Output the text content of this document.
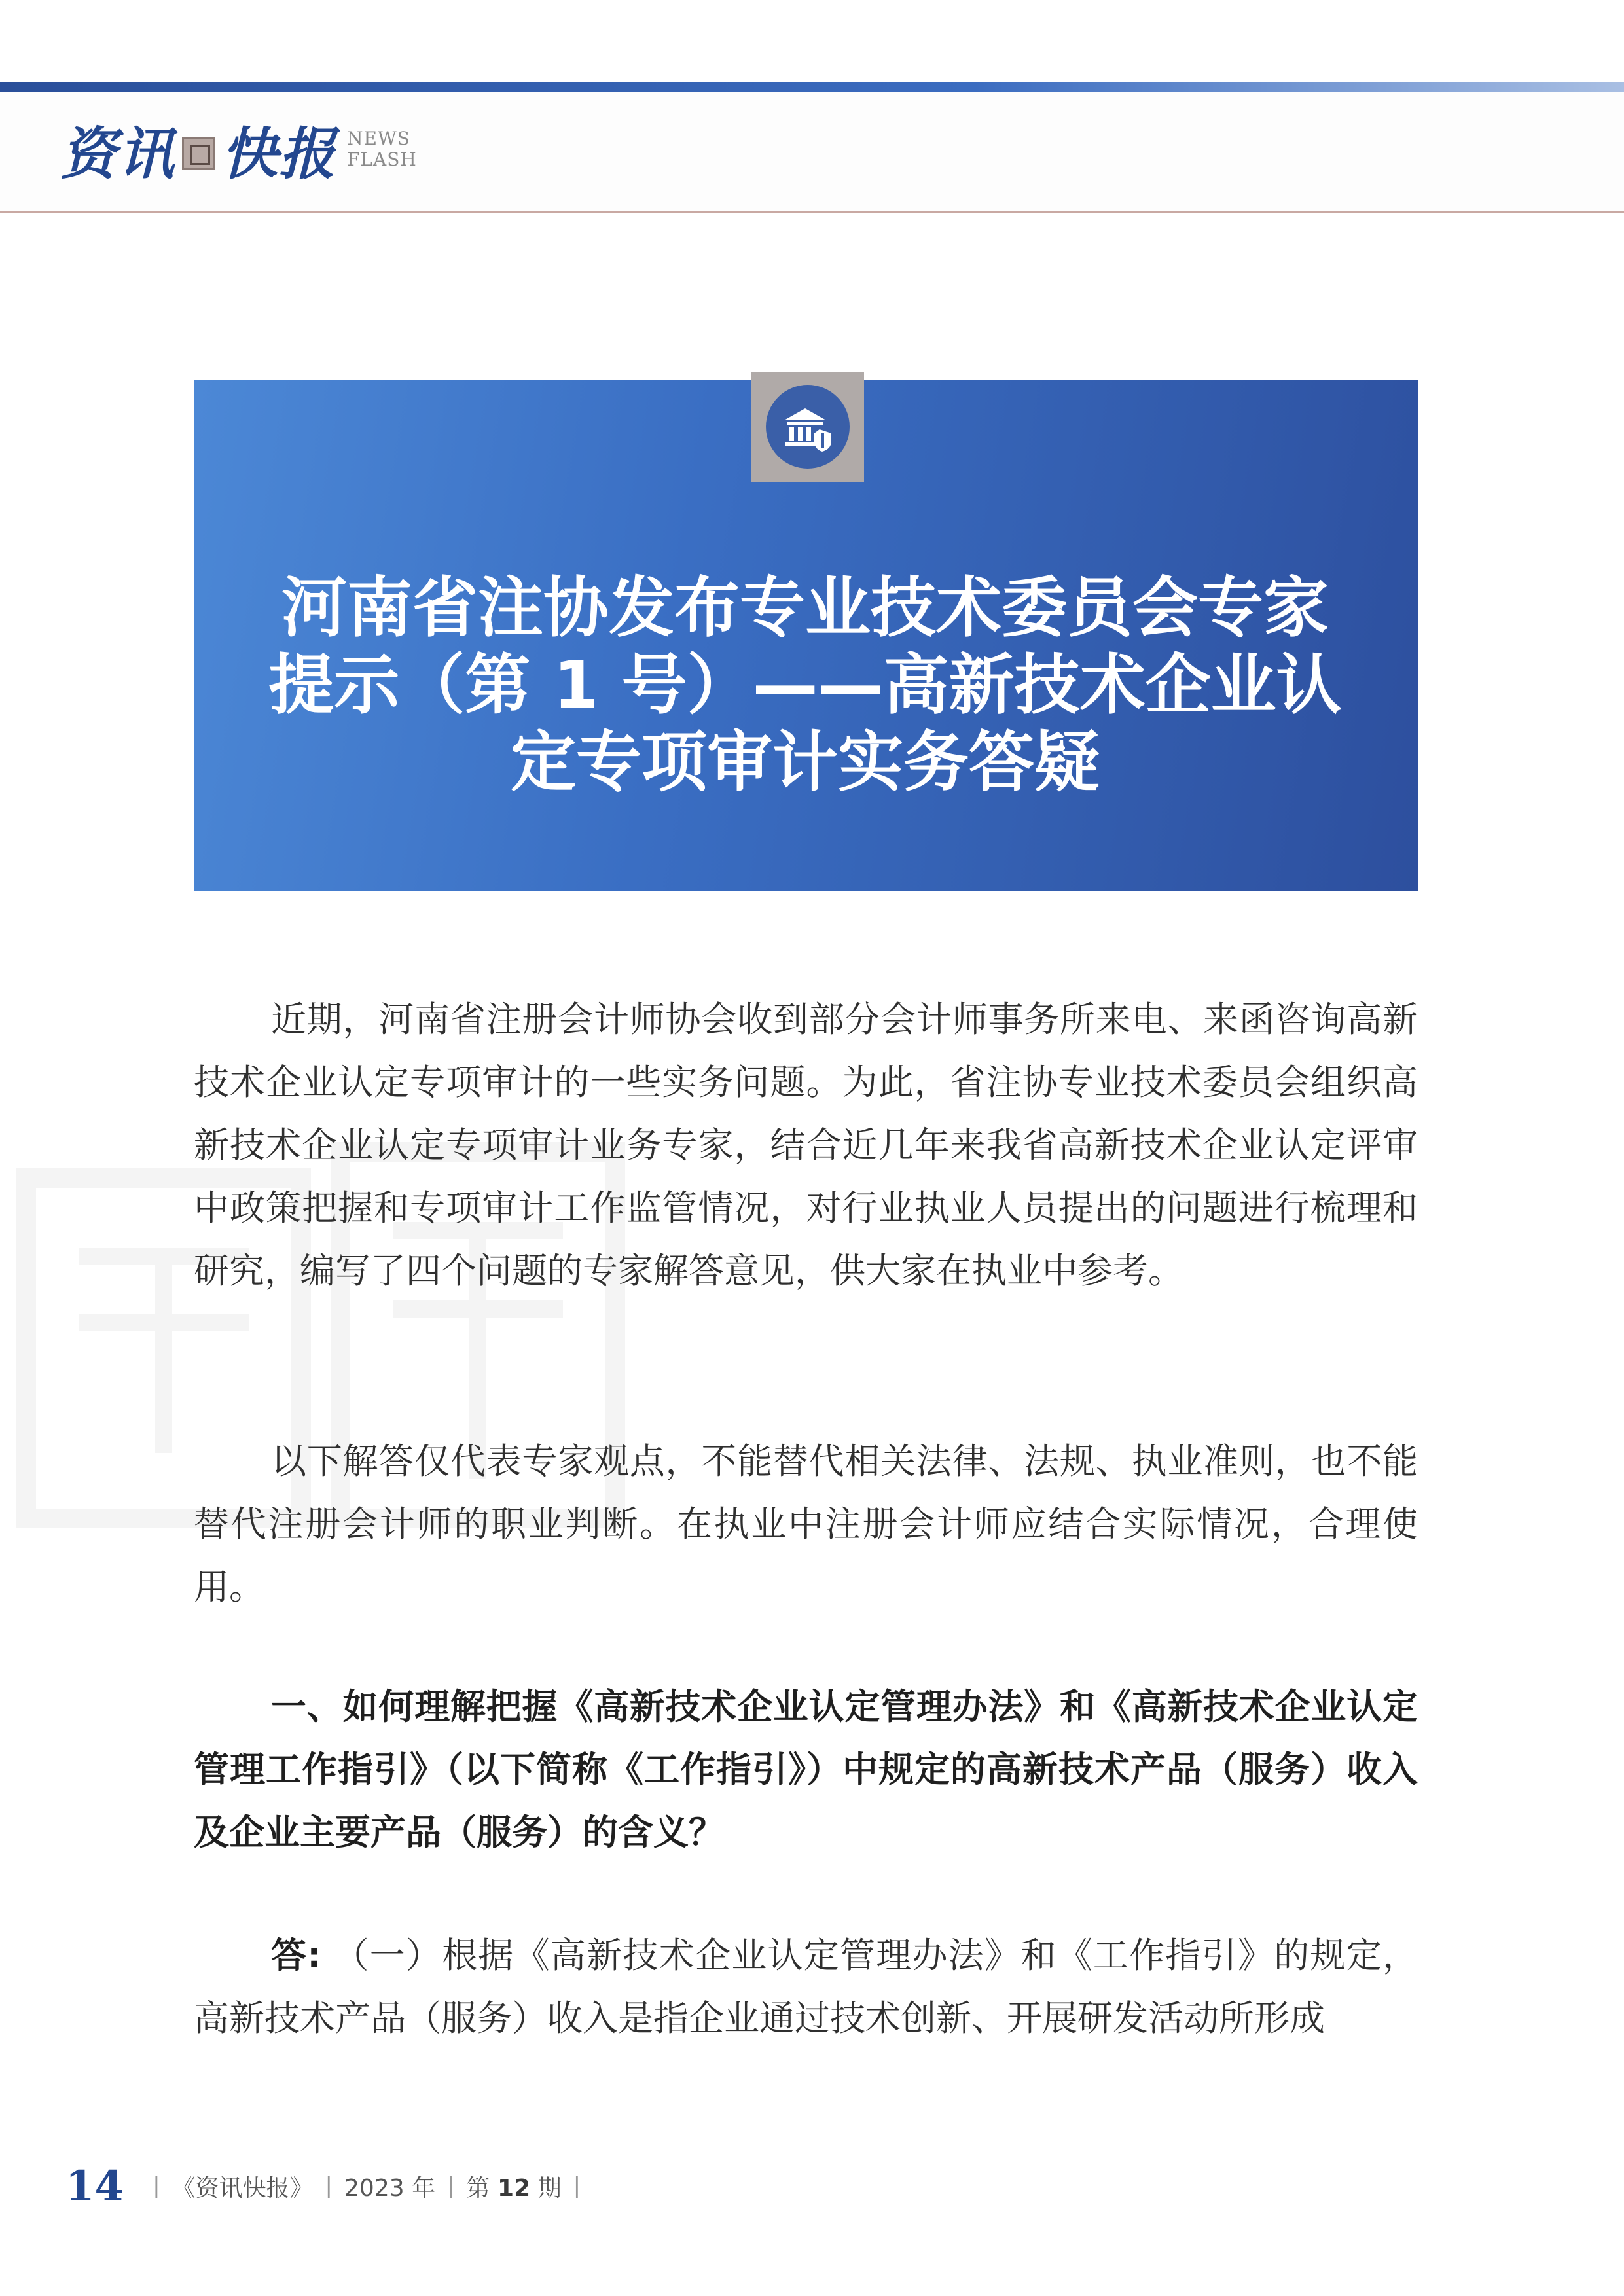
资讯 快报 NEWS
FLASH
河南省注协发布专业技术委员会专家
提示（第 1 号）——高新技术企业认
定专项审计实务答疑

近期，河南省注册会计师协会收到部分会计师事务所来电、来函咨询高新技术企业认定专项审计的一些实务问题。为此，省注协专业技术委员会组织高新技术企业认定专项审计业务专家，结合近几年来我省高新技术企业认定评审中政策把握和专项审计工作监管情况，对行业执业人员提出的问题进行梳理和研究，编写了四个问题的专家解答意见，供大家在执业中参考。

以下解答仅代表专家观点，不能替代相关法律、法规、执业准则，也不能替代注册会计师的职业判断。在执业中注册会计师应结合实际情况，合理使用。

一、如何理解把握《高新技术企业认定管理办法》和《高新技术企业认定管理工作指引》（以下简称《工作指引》）中规定的高新技术产品（服务）收入及企业主要产品（服务）的含义？

答: （一）根据《高新技术企业认定管理办法》和《工作指引》的规定，高新技术产品（服务）收入是指企业通过技术创新、开展研发活动所形成

14 | 《资讯快报》 | 2023 年 | 第 12 期 |
